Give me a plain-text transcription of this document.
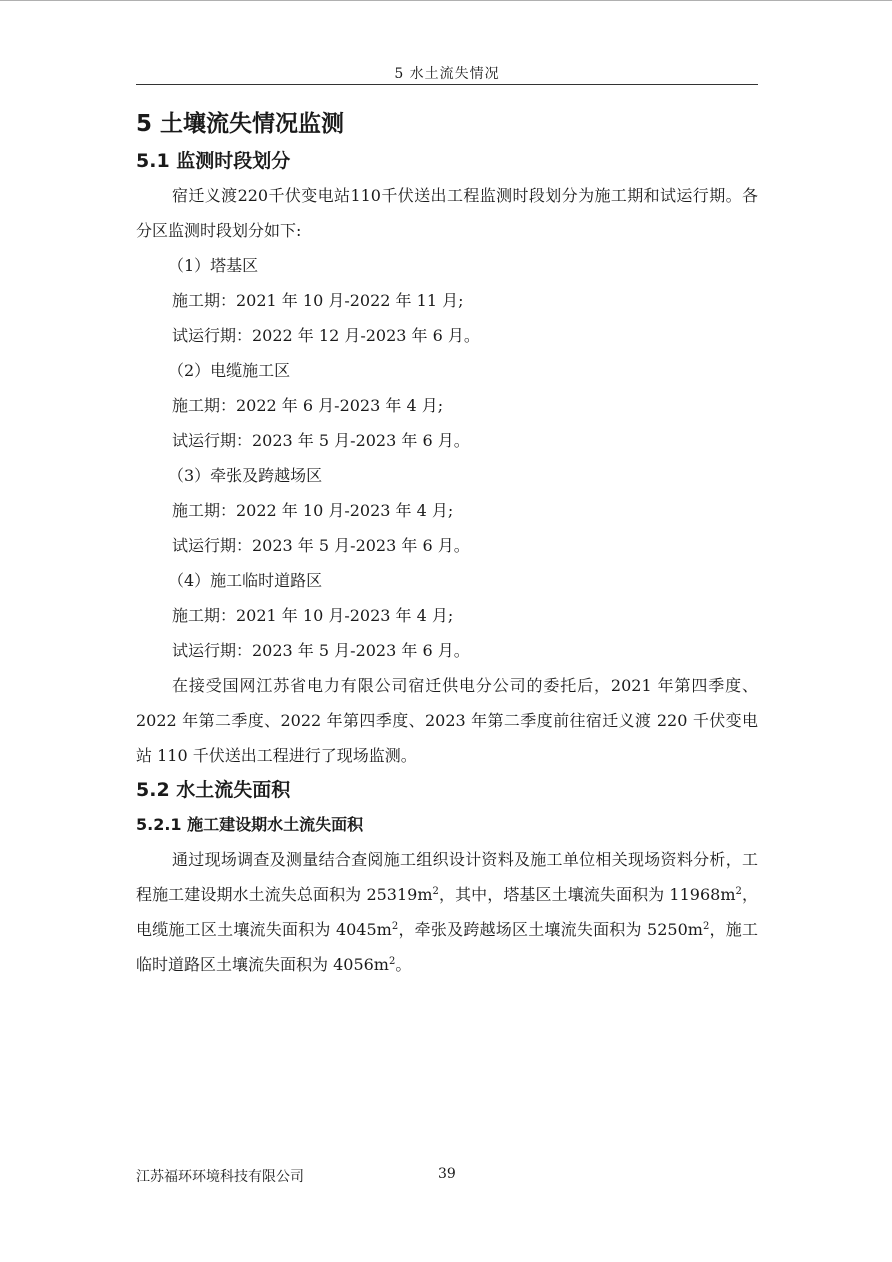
5 水土流失情况
5 土壤流失情况监测
5.1 监测时段划分

宿迁义渡220千伏变电站110千伏送出工程监测时段划分为施工期和试运行期。各分区监测时段划分如下:

（1）塔基区

施工期：2021 年 10 月-2022 年 11 月;

试运行期：2022 年 12 月-2023 年 6 月。

（2）电缆施工区

施工期：2022 年 6 月-2023 年 4 月;

试运行期：2023 年 5 月-2023 年 6 月。

（3）牵张及跨越场区

施工期：2022 年 10 月-2023 年 4 月;

试运行期：2023 年 5 月-2023 年 6 月。

（4）施工临时道路区

施工期：2021 年 10 月-2023 年 4 月;

试运行期：2023 年 5 月-2023 年 6 月。

在接受国网江苏省电力有限公司宿迁供电分公司的委托后，2021 年第四季度、2022 年第二季度、2022 年第四季度、2023 年第二季度前往宿迁义渡 220 千伏变电站 110 千伏送出工程进行了现场监测。

5.2 水土流失面积
5.2.1 施工建设期水土流失面积

通过现场调查及测量结合查阅施工组织设计资料及施工单位相关现场资料分析，工程施工建设期水土流失总面积为 $25319m^2$，其中，塔基区土壤流失面积为 $11968m^2$，电缆施工区土壤流失面积为 $4045m^2$，牵张及跨越场区土壤流失面积为 $5250m^2$，施工临时道路区土壤流失面积为 $4056m^2$。

江苏福环环境科技有限公司	39
